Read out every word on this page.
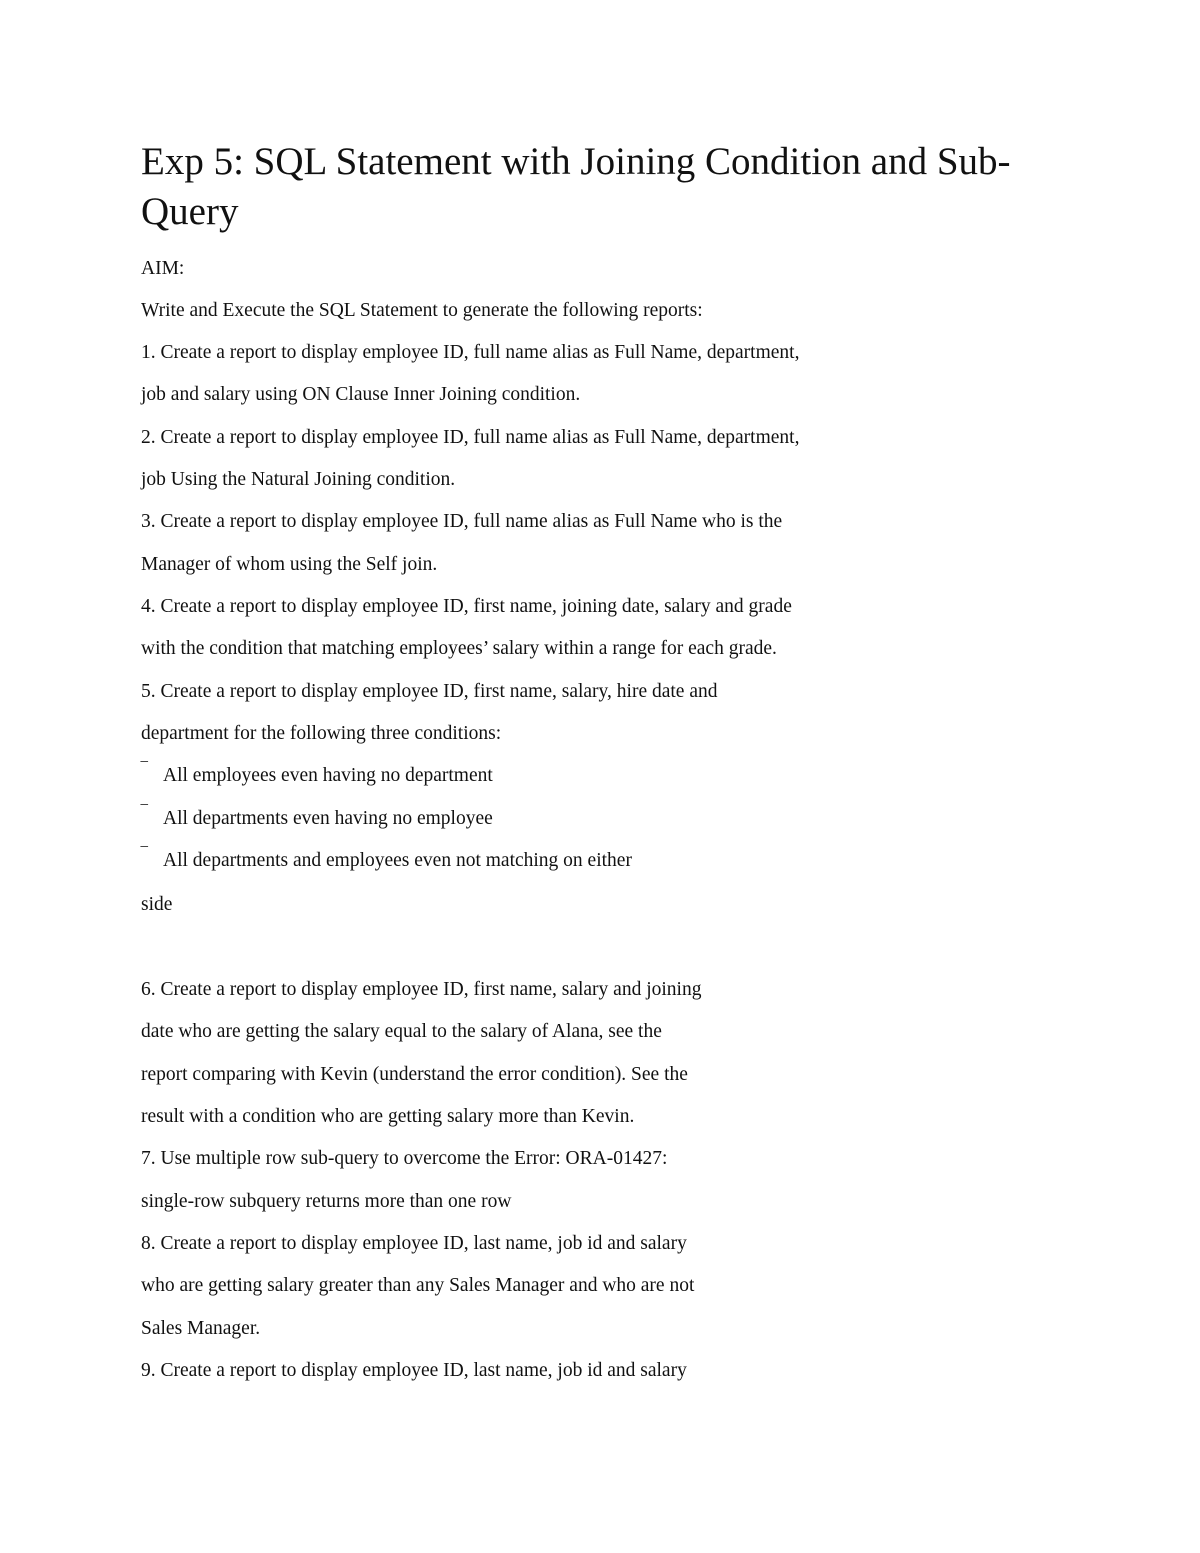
Exp 5: SQL Statement with Joining Condition and Sub-Query

AIM:

Write and Execute the SQL Statement to generate the following reports:

1. Create a report to display employee ID, full name alias as Full Name, department,

job and salary using ON Clause Inner Joining condition.

2. Create a report to display employee ID, full name alias as Full Name, department,

job Using the Natural Joining condition.

3. Create a report to display employee ID, full name alias as Full Name who is the

Manager of whom using the Self join.

4. Create a report to display employee ID, first name, joining date, salary and grade

with the condition that matching employees’ salary within a range for each grade.

5. Create a report to display employee ID, first name, salary, hire date and

department for the following three conditions:

‾ All employees even having no department

‾ All departments even having no employee

‾ All departments and employees even not matching on either

side

6. Create a report to display employee ID, first name, salary and joining

date who are getting the salary equal to the salary of Alana, see the

report comparing with Kevin (understand the error condition). See the

result with a condition who are getting salary more than Kevin.

7. Use multiple row sub-query to overcome the Error: ORA-01427:

single-row subquery returns more than one row

8. Create a report to display employee ID, last name, job id and salary

who are getting salary greater than any Sales Manager and who are not

Sales Manager.

9. Create a report to display employee ID, last name, job id and salary
